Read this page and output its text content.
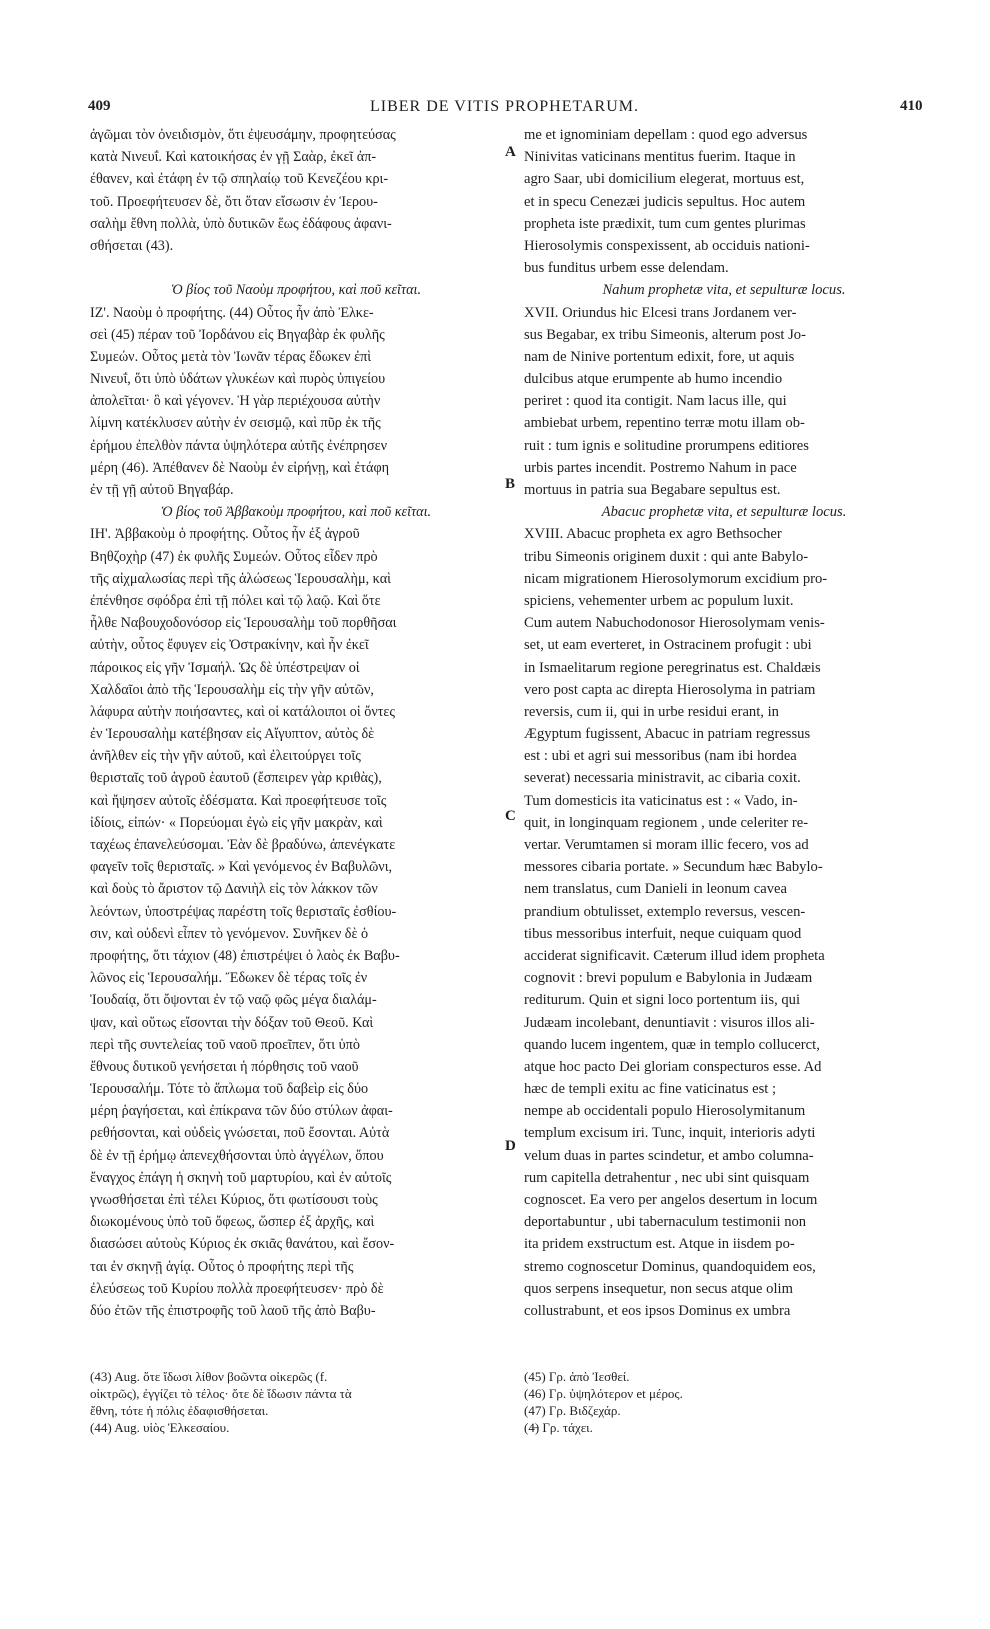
409	LIBER DE VITIS PROPHETARUM.	410
ἀγῶμαι τὸν ὀνειδισμὸν, ὅτι ἐψευσάμην, προφητεύσας
κατὰ Νινευΐ. Καὶ κατοικήσας ἐν γῇ Σαὰρ, ἐκεῖ ἀπ-
έθανεν, καὶ ἐτάφη ἐν τῷ σπηλαίῳ τοῦ Κενεζέου κρι-
τοῦ. Προεφήτευσεν δὲ, ὅτι ὅταν εἴσωσιν ἐν Ἱερου-
σαλὴμ ἔθνη πολλὰ, ὑπὸ δυτικῶν ἕως ἐδάφους ἀφανι-
σθήσεται (43).
Ὁ βίος τοῦ Ναοὺμ προφήτου, καὶ ποῦ κεῖται.
ΙΖ'. Ναοὺμ ὁ προφήτης. (44) Οὗτος ἦν ἀπὸ Ἐλκε-
σεὶ (45) πέραν τοῦ Ἰορδάνου εἰς Βηγαβὰρ ἐκ φυλῆς
Συμεών. Οὗτος μετὰ τὸν Ἰωνᾶν τέρας ἔδωκεν ἐπὶ
Νινευΐ, ὅτι ὑπὸ ὑδάτων γλυκέων καὶ πυρὸς ὑπιγείου
ἀπολεῖται· ὃ καὶ γέγονεν. Ἡ γὰρ περιέχουσα αὐτὴν
λίμνη κατέκλυσεν αὐτὴν ἐν σεισμῷ, καὶ πῦρ ἐκ τῆς
ἐρήμου ἐπελθὸν πάντα ὑψηλότερα αὐτῆς ἐνέπρησεν
μέρη (46). Ἀπέθανεν δὲ Ναοὺμ ἐν εἰρήνῃ, καὶ ἐτάφη
ἐν τῇ γῇ αὐτοῦ Βηγαβάρ.
Ὁ βίος τοῦ Ἀββακοὺμ προφήτου, καὶ ποῦ κεῖται.
ΙΗ'. Ἀββακοὺμ ὁ προφήτης. Οὗτος ἦν ἐξ ἀγροῦ
Βηθζοχὴρ (47) ἐκ φυλῆς Συμεών. Οὗτος εἶδεν πρὸ
τῆς αἰχμαλωσίας περὶ τῆς ἁλώσεως Ἱερουσαλὴμ, καὶ
ἐπένθησε σφόδρα ἐπὶ τῇ πόλει καὶ τῷ λαῷ. Καὶ ὅτε
ἦλθε Ναβουχοδονόσορ εἰς Ἱερουσαλὴμ τοῦ πορθῆσαι
αὐτὴν, οὗτος ἔφυγεν εἰς Ὀστρακίνην, καὶ ἦν ἐκεῖ
πάροικος εἰς γῆν Ἰσμαήλ. Ὡς δὲ ὑπέστρεψαν οἱ
Χαλδαῖοι ἀπὸ τῆς Ἱερουσαλὴμ εἰς τὴν γῆν αὐτῶν,
λάφυρα αὐτὴν ποιήσαντες, καὶ οἱ κατάλοιποι οἱ ὄντες
ἐν Ἱερουσαλὴμ κατέβησαν εἰς Αἴγυπτον, αὐτὸς δὲ
ἀνῆλθεν εἰς τὴν γῆν αὐτοῦ, καὶ ἐλειτούργει τοῖς
θερισταῖς τοῦ ἀγροῦ ἑαυτοῦ (ἔσπειρεν γὰρ κριθὰς),
καὶ ἤψησεν αὐτοῖς ἐδέσματα. Καὶ προεφήτευσε τοῖς
ἰδίοις, εἰπών· « Πορεύομαι ἐγὼ εἰς γῆν μακρὰν, καὶ
ταχέως ἐπανελεύσομαι. Ἐὰν δὲ βραδύνω, ἀπενέγκατε
φαγεῖν τοῖς θερισταῖς. » Καὶ γενόμενος ἐν Βαβυλῶνι,
καὶ δοὺς τὸ ἄριστον τῷ Δανιὴλ εἰς τὸν λάκκον τῶν
λεόντων, ὑποστρέψας παρέστη τοῖς θερισταῖς ἐσθίου-
σιν, καὶ οὐδενὶ εἶπεν τὸ γενόμενον. Συνῆκεν δὲ ὁ
προφήτης, ὅτι τάχιον (48) ἐπιστρέψει ὁ λαὸς ἐκ Βαβυ-
λῶνος εἰς Ἱερουσαλήμ. Ἔδωκεν δὲ τέρας τοῖς ἐν
Ἰουδαίᾳ, ὅτι ὄψονται ἐν τῷ ναῷ φῶς μέγα διαλάμ-
ψαν, καὶ οὕτως εἴσονται τὴν δόξαν τοῦ Θεοῦ. Καὶ
περὶ τῆς συντελείας τοῦ ναοῦ προεῖπεν, ὅτι ὑπὸ
ἔθνους δυτικοῦ γενήσεται ἡ πόρθησις τοῦ ναοῦ
Ἱερουσαλήμ. Τότε τὸ ἅπλωμα τοῦ δαβεὶρ εἰς δύο
μέρη ῥαγήσεται, καὶ ἐπίκρανα τῶν δύο στύλων ἀφαι-
ρεθήσονται, καὶ οὐδεὶς γνώσεται, ποῦ ἔσονται. Αὐτὰ
δὲ ἐν τῇ ἐρήμῳ ἀπενεχθήσονται ὑπὸ ἀγγέλων, ὅπου
ἔναγχος ἐπάγη ἡ σκηνὴ τοῦ μαρτυρίου, καὶ ἐν αὐτοῖς
γνωσθήσεται ἐπὶ τέλει Κύριος, ὅτι φωτίσουσι τοὺς
διωκομένους ὑπὸ τοῦ ὄφεως, ὥσπερ ἐξ ἀρχῆς, καὶ
διασώσει αὐτοὺς Κύριος ἐκ σκιᾶς θανάτου, καὶ ἔσον-
ται ἐν σκηνῇ ἁγίᾳ. Οὗτος ὁ προφήτης περὶ τῆς
ἐλεύσεως τοῦ Κυρίου πολλὰ προεφήτευσεν· πρὸ δὲ
δύο ἐτῶν τῆς ἐπιστροφῆς τοῦ λαοῦ τῆς ἀπὸ Βαβυ-
me et ignominiam depellam : quod ego adversus
Ninivitas vaticinans mentitus fuerim. Itaque in
agro Saar, ubi domicilium elegerat, mortuus est,
et in specu Cenezæi judicis sepultus. Hoc autem
propheta iste prædixit, tum cum gentes plurimas
Hierosolymis conspexissent, ab occiduis nationi-
bus funditus urbem esse delendam.
Nahum prophetæ vita, et sepulturæ locus.
XVII. Oriundus hic Elcesi trans Jordanem ver-
sus Begabar, ex tribu Simeonis, alterum post Jo-
nam de Ninive portentum edixit, fore, ut aquis
dulcibus atque erumpente ab humo incendio
periret : quod ita contigit. Nam lacus ille, qui
ambiebat urbem, repentino terræ motu illam ob-
ruit : tum ignis e solitudine prorumpens editiores
urbis partes incendit. Postremo Nahum in pace
mortuus in patria sua Begabare sepultus est.
Abacuc prophetæ vita, et sepulturæ locus.
XVIII. Abacuc propheta ex agro Bethsocher
tribu Simeonis originem duxit : qui ante Babylo-
nicam migrationem Hierosolymorum excidium pro-
spiciens, vehementer urbem ac populum luxit.
Cum autem Nabuchodonosor Hierosolymam venis-
set, ut eam everteret, in Ostracinem profugit : ubi
in Ismaelitarum regione peregrinatus est. Chaldæis
vero post capta ac direpta Hierosolyma in patriam
reversis, cum ii, qui in urbe residui erant, in
Ægyptum fugissent, Abacuc in patriam regressus
est : ubi et agri sui messoribus (nam ibi hordea
severat) necessaria ministravit, ac cibaria coxit.
Tum domesticis ita vaticinatus est : « Vado, in-
quit, in longinquam regionem , unde celeriter re-
vertar. Verumtamen si moram illic fecero, vos ad
messores cibaria portate. » Secundum hæc Babylo-
nem translatus, cum Danieli in leonum cavea
prandium obtulisset, extemplo reversus, vescen-
tibus messoribus interfuit, neque cuiquam quod
acciderat significavit. Cæterum illud idem propheta
cognovit : brevi populum e Babylonia in Judæam
rediturum. Quin et signi loco portentum iis, qui
Judæam incolebant, denuntiavit : visuros illos ali-
quando lucem ingentem, quæ in templo collucerct,
atque hoc pacto Dei gloriam conspecturos esse. Ad
hæc de templi exitu ac fine vaticinatus est ;
nempe ab occidentali populo Hierosolymitanum
templum excisum iri. Tunc, inquit, interioris adyti
velum duas in partes scindetur, et ambo columna-
rum capitella detrahentur , nec ubi sint quisquam
cognoscet. Ea vero per angelos desertum in locum
deportabuntur , ubi tabernaculum testimonii non
ita pridem exstructum est. Atque in iisdem po-
stremo cognoscetur Dominus, quandoquidem eos,
quos serpens insequetur, non secus atque olim
collustrabunt, et eos ipsos Dominus ex umbra
A
B
C
D
(43) Aug. ὅτε ἴδωσι λίθον βοῶντα οἰκερῶς (f.
οἰκτρῶς), ἐγγίζει τὸ τέλος· ὅτε δὲ ἴδωσιν πάντα τὰ
ἔθνη, τότε ἡ πόλις ἐδαφισθήσεται.
(44) Aug. υἱὸς Ἐλκεσαίου.
(45) Γρ. ἀπὸ Ἰεσθεί.
(46) Γρ. ὑψηλότερον et μέρος.
(47) Γρ. Βιδζεχάρ.
(4̶) Γρ. τάχει.
